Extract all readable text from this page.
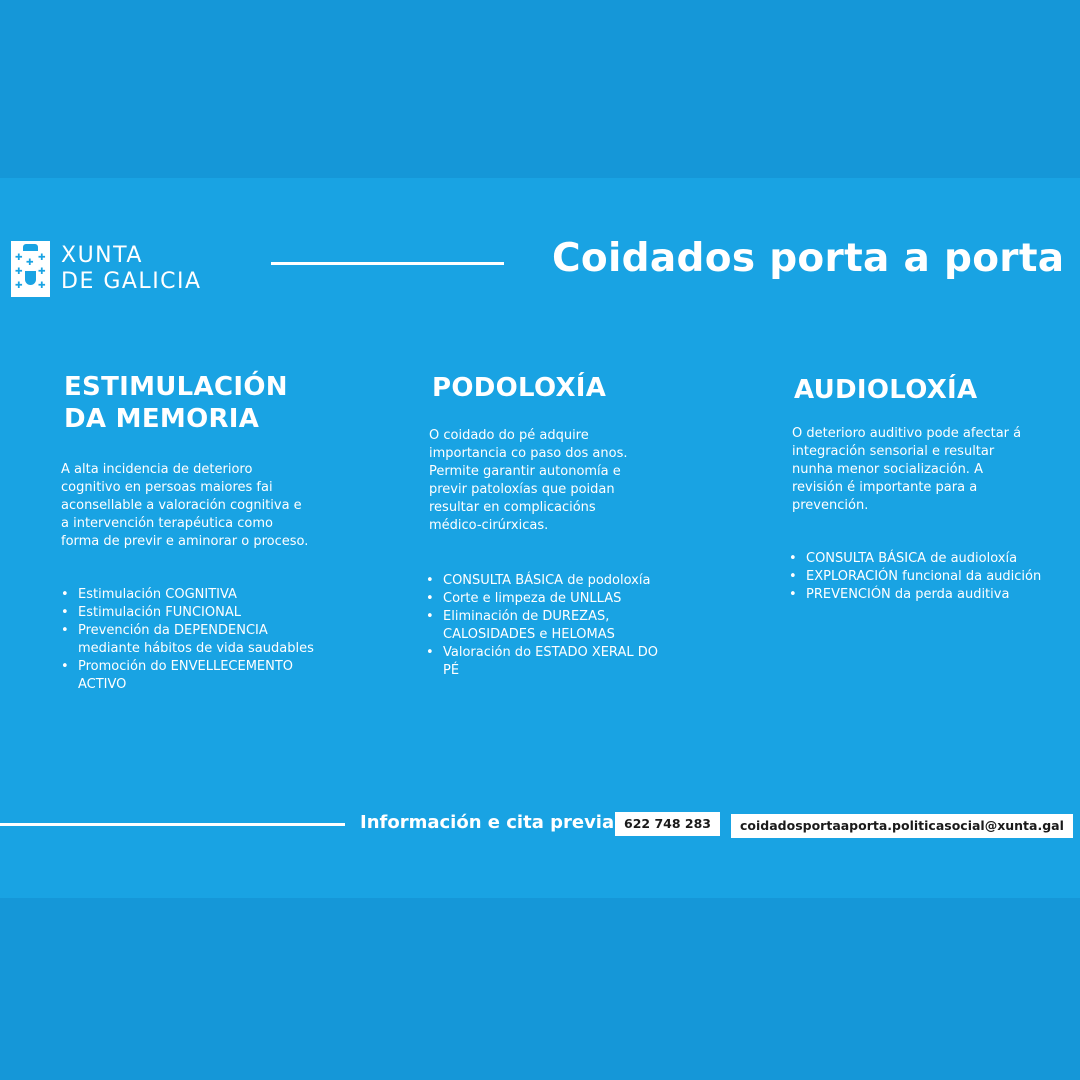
✚ ✚
✚ ✚
✚ ✚
✚ XUNTA
DE GALICIA
Coidados porta a porta
ESTIMULACIÓN
DA MEMORIA

A alta incidencia de deterioro cognitivo en persoas maiores fai aconsellable a valoración cognitiva e a intervención terapéutica como forma de previr e aminorar o proceso.

• Estimulación COGNITIVA
• Estimulación FUNCIONAL
• Prevención da DEPENDENCIA mediante hábitos de vida saudables
• Promoción do ENVELLECEMENTO ACTIVO
PODOLOXÍA

O coidado do pé adquire importancia co paso dos anos. Permite garantir autonomía e previr patoloxías que poidan resultar en complicacións médico-cirúrxicas.

• CONSULTA BÁSICA de podoloxía
• Corte e limpeza de UNLLAS
• Eliminación de DUREZAS, CALOSIDADES e HELOMAS
• Valoración do ESTADO XERAL DO PÉ
AUDIOLOXÍA

O deterioro auditivo pode afectar á integración sensorial e resultar nunha menor socialización. A revisión é importante para a prevención.

• CONSULTA BÁSICA de audioloxía
• EXPLORACIÓN funcional da audición
• PREVENCIÓN da perda auditiva
Información e cita previa 622 748 283	coidadosportaaporta.politicasocial@xunta.gal
